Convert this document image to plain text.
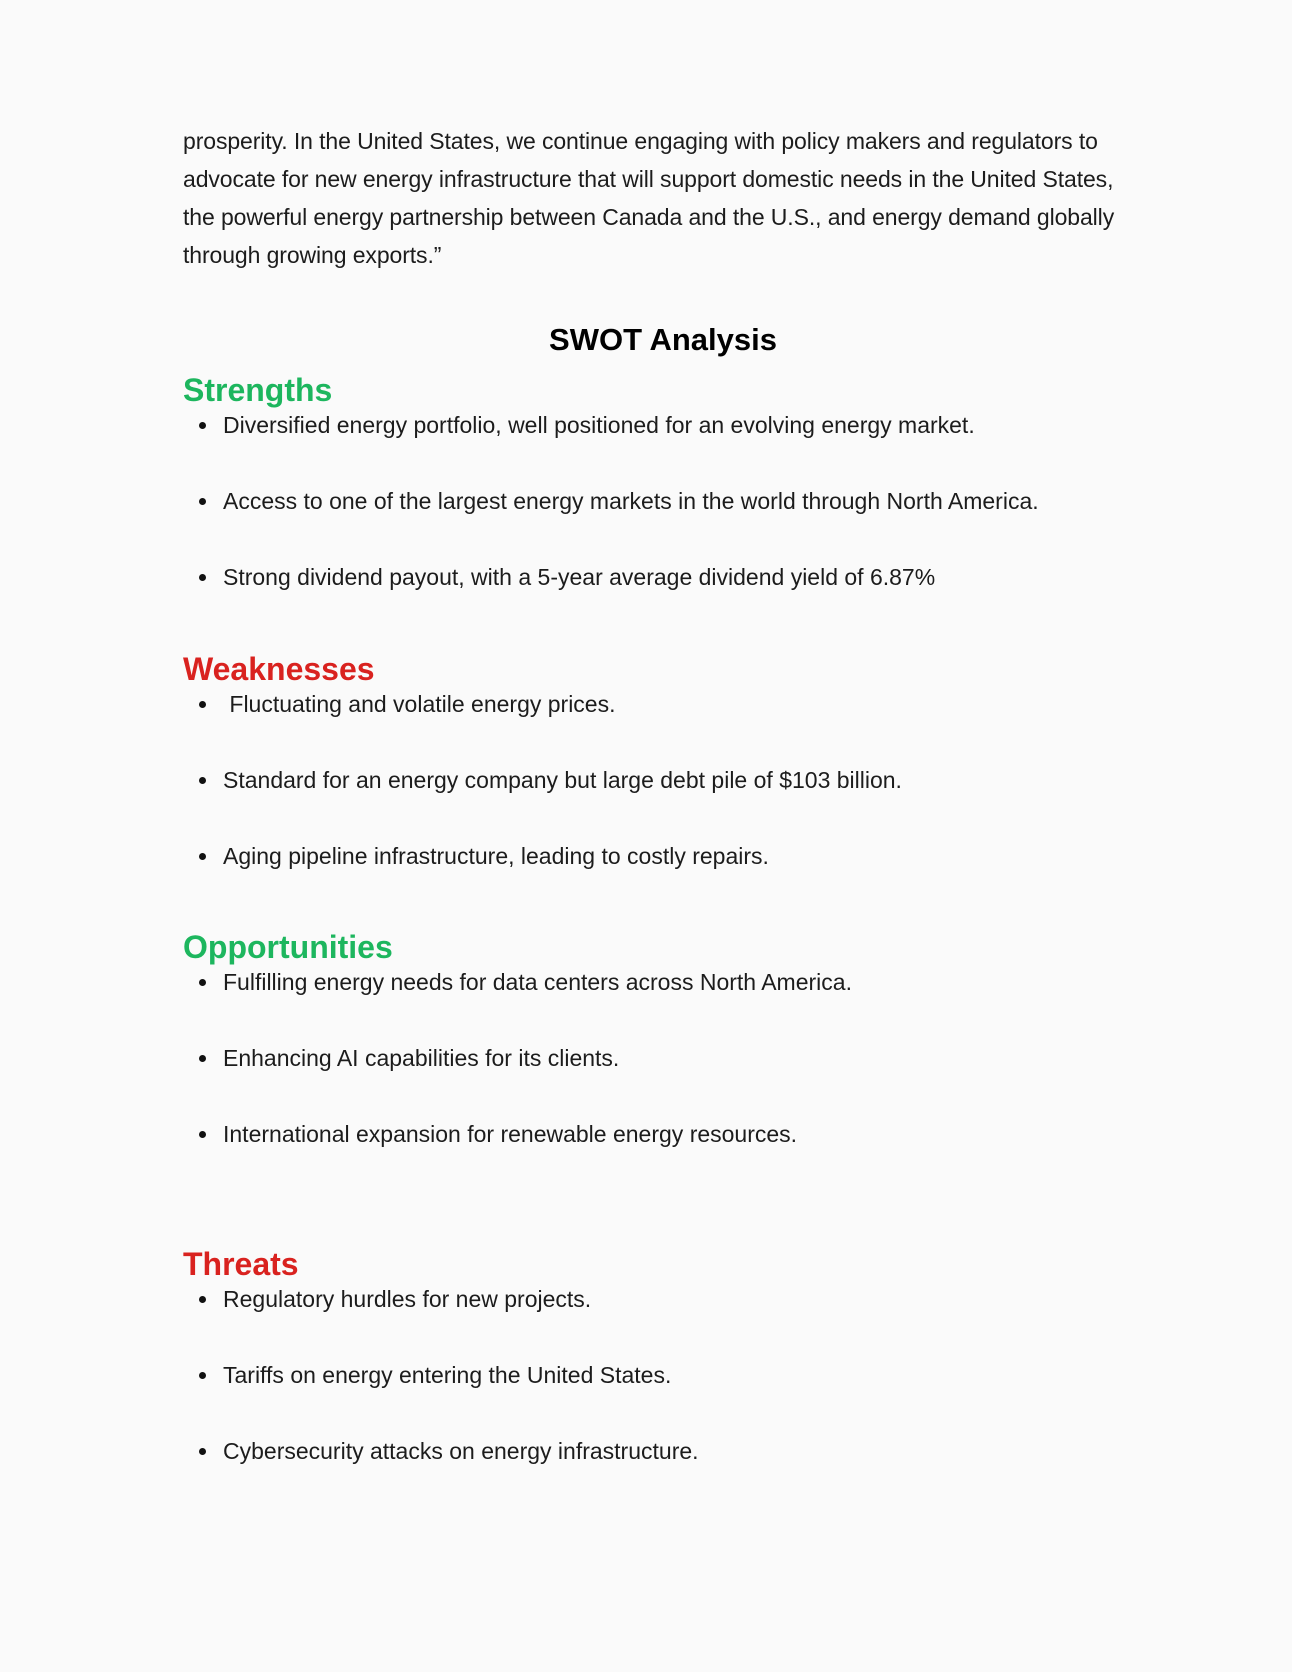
prosperity. In the United States, we continue engaging with policy makers and regulators to
advocate for new energy infrastructure that will support domestic needs in the United States,
the powerful energy partnership between Canada and the U.S., and energy demand globally
through growing exports.”

SWOT Analysis
Strengths
Diversified energy portfolio, well positioned for an evolving energy market.
Access to one of the largest energy markets in the world through North America.
Strong dividend payout, with a 5-year average dividend yield of 6.87%
Weaknesses
Fluctuating and volatile energy prices.
Standard for an energy company but large debt pile of $103 billion.
Aging pipeline infrastructure, leading to costly repairs.
Opportunities
Fulfilling energy needs for data centers across North America.
Enhancing AI capabilities for its clients.
International expansion for renewable energy resources.
Threats
Regulatory hurdles for new projects.
Tariffs on energy entering the United States.
Cybersecurity attacks on energy infrastructure.
